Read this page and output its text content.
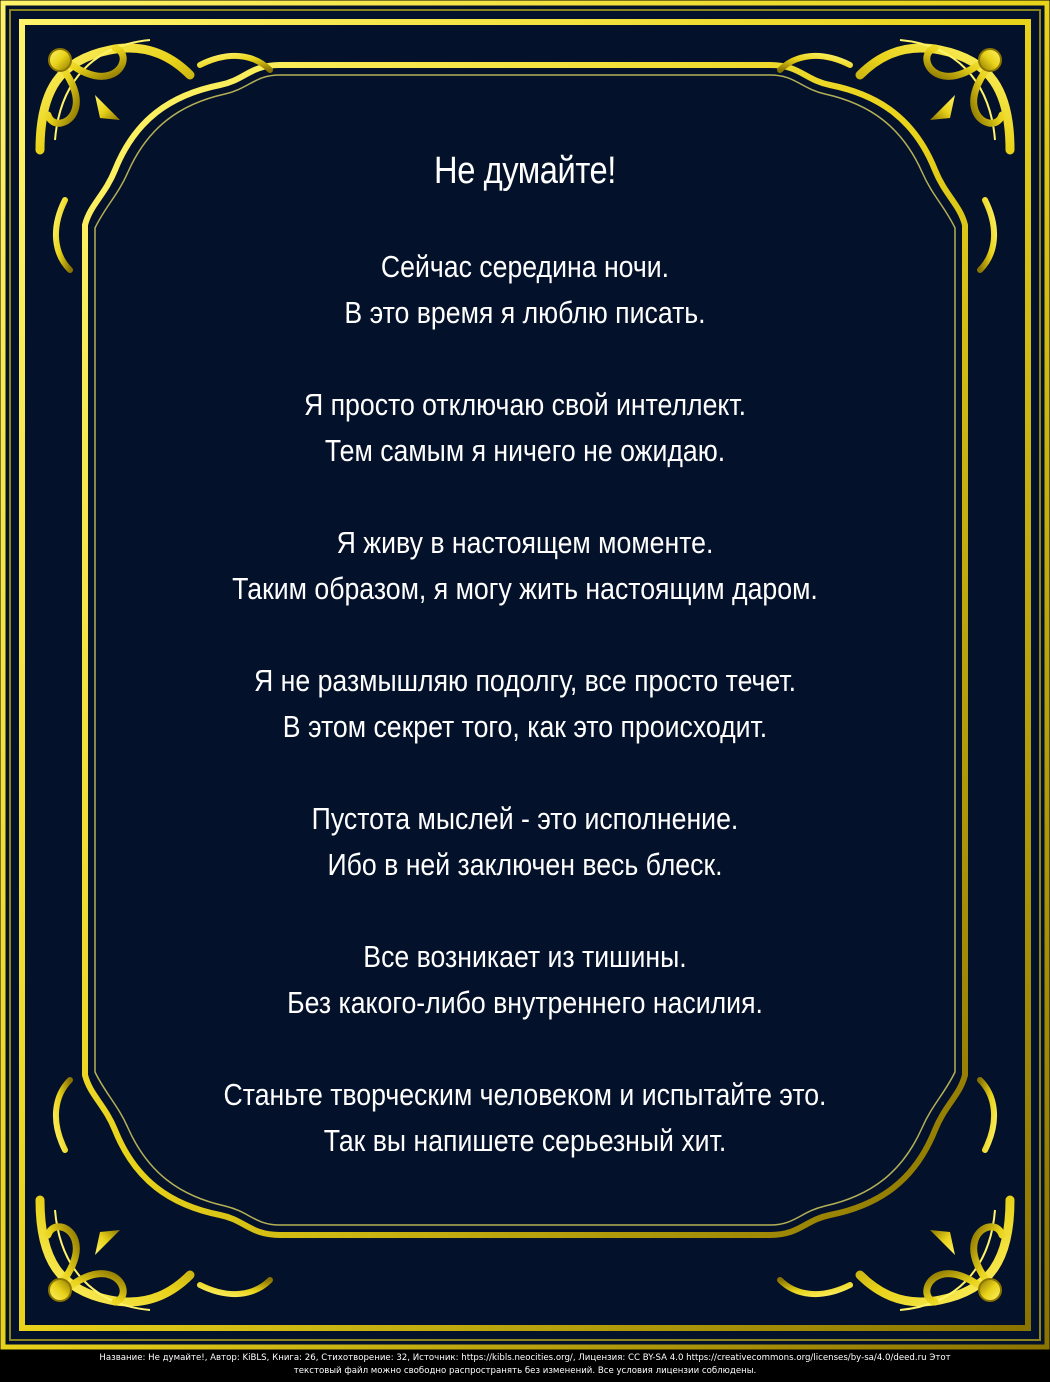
Не думайте!
Сейчас середина ночи.
В это время я люблю писать.
Я просто отключаю свой интеллект.
Тем самым я ничего не ожидаю.
Я живу в настоящем моменте.
Таким образом, я могу жить настоящим даром.
Я не размышляю подолгу, все просто течет.
В этом секрет того, как это происходит.
Пустота мыслей - это исполнение.
Ибо в ней заключен весь блеск.
Все возникает из тишины.
Без какого-либо внутреннего насилия.
Станьте творческим человеком и испытайте это.
Так вы напишете серьезный хит.
Название: Не думайте!, Автор: KiBLS, Книга: 26, Стихотворение: 32, Источник: https://kibls.neocities.org/, Лицензия: CC BY-SA 4.0 https://creativecommons.org/licenses/by-sa/4.0/deed.ru Этот
текстовый файл можно свободно распространять без изменений. Все условия лицензии соблюдены.
